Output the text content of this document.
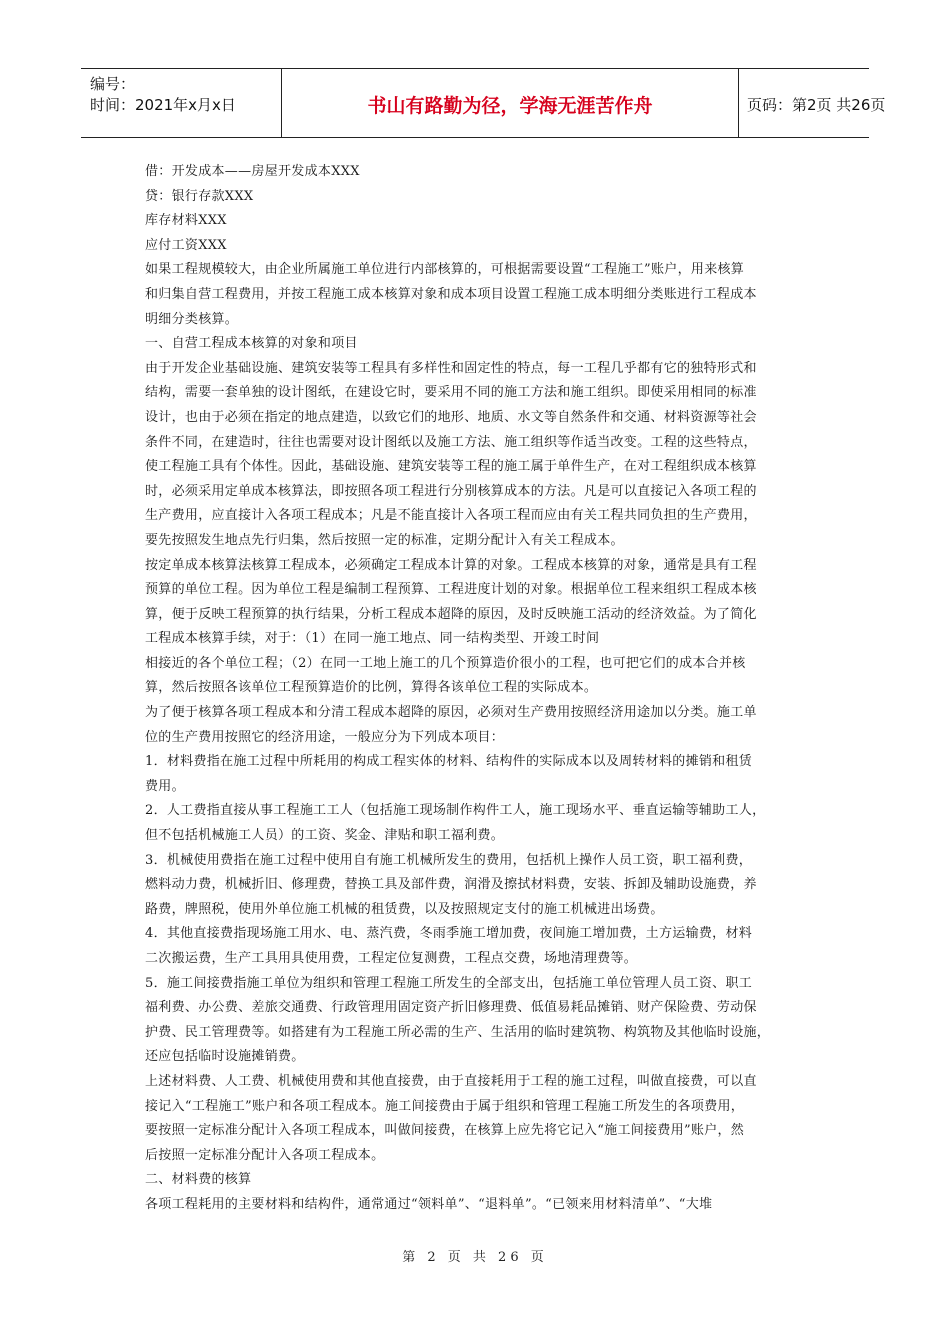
编号：
时间：2021年x月x日	书山有路勤为径，学海无涯苦作舟	页码：第2页 共26页
借：开发成本——房屋开发成本XXX
贷：银行存款XXX
库存材料XXX
应付工资XXX
如果工程规模较大，由企业所属施工单位进行内部核算的，可根据需要设置“工程施工”账户，用来核算
和归集自营工程费用，并按工程施工成本核算对象和成本项目设置工程施工成本明细分类账进行工程成本
明细分类核算。
一、自营工程成本核算的对象和项目
由于开发企业基础设施、建筑安装等工程具有多样性和固定性的特点，每一工程几乎都有它的独特形式和
结构，需要一套单独的设计图纸，在建设它时，要采用不同的施工方法和施工组织。即使采用相同的标准
设计，也由于必须在指定的地点建造，以致它们的地形、地质、水文等自然条件和交通、材料资源等社会
条件不同，在建造时，往往也需要对设计图纸以及施工方法、施工组织等作适当改变。工程的这些特点，
使工程施工具有个体性。因此，基础设施、建筑安装等工程的施工属于单件生产，在对工程组织成本核算
时，必须采用定单成本核算法，即按照各项工程进行分别核算成本的方法。凡是可以直接记入各项工程的
生产费用，应直接计入各项工程成本；凡是不能直接计入各项工程而应由有关工程共同负担的生产费用，
要先按照发生地点先行归集，然后按照一定的标准，定期分配计入有关工程成本。
按定单成本核算法核算工程成本，必须确定工程成本计算的对象。工程成本核算的对象，通常是具有工程
预算的单位工程。因为单位工程是编制工程预算、工程进度计划的对象。根据单位工程来组织工程成本核
算，便于反映工程预算的执行结果，分析工程成本超降的原因，及时反映施工活动的经济效益。为了简化
工程成本核算手续，对于：（1）在同一施工地点、同一结构类型、开竣工时间
相接近的各个单位工程；（2）在同一工地上施工的几个预算造价很小的工程，也可把它们的成本合并核
算，然后按照各该单位工程预算造价的比例，算得各该单位工程的实际成本。
为了便于核算各项工程成本和分清工程成本超降的原因，必须对生产费用按照经济用途加以分类。施工单
位的生产费用按照它的经济用途，一般应分为下列成本项目：
1．材料费指在施工过程中所耗用的构成工程实体的材料、结构件的实际成本以及周转材料的摊销和租赁
费用。
2．人工费指直接从事工程施工工人（包括施工现场制作构件工人，施工现场水平、垂直运输等辅助工人，
但不包括机械施工人员）的工资、奖金、津贴和职工福利费。
3．机械使用费指在施工过程中使用自有施工机械所发生的费用，包括机上操作人员工资，职工福利费，
燃料动力费，机械折旧、修理费，替换工具及部件费，润滑及擦拭材料费，安装、拆卸及辅助设施费，养
路费，牌照税，使用外单位施工机械的租赁费，以及按照规定支付的施工机械进出场费。
4．其他直接费指现场施工用水、电、蒸汽费，冬雨季施工增加费，夜间施工增加费，土方运输费，材料
二次搬运费，生产工具用具使用费，工程定位复测费，工程点交费，场地清理费等。
5．施工间接费指施工单位为组织和管理工程施工所发生的全部支出，包括施工单位管理人员工资、职工
福利费、办公费、差旅交通费、行政管理用固定资产折旧修理费、低值易耗品摊销、财产保险费、劳动保
护费、民工管理费等。如搭建有为工程施工所必需的生产、生活用的临时建筑物、构筑物及其他临时设施，
还应包括临时设施摊销费。
上述材料费、人工费、机械使用费和其他直接费，由于直接耗用于工程的施工过程，叫做直接费，可以直
接记入“工程施工”账户和各项工程成本。施工间接费由于属于组织和管理工程施工所发生的各项费用，
要按照一定标准分配计入各项工程成本，叫做间接费，在核算上应先将它记入“施工间接费用”账户，然
后按照一定标准分配计入各项工程成本。
二、材料费的核算
各项工程耗用的主要材料和结构件，通常通过“领料单”、“退料单”。“已领来用材料清单”、“大堆
第 2 页 共 26 页
